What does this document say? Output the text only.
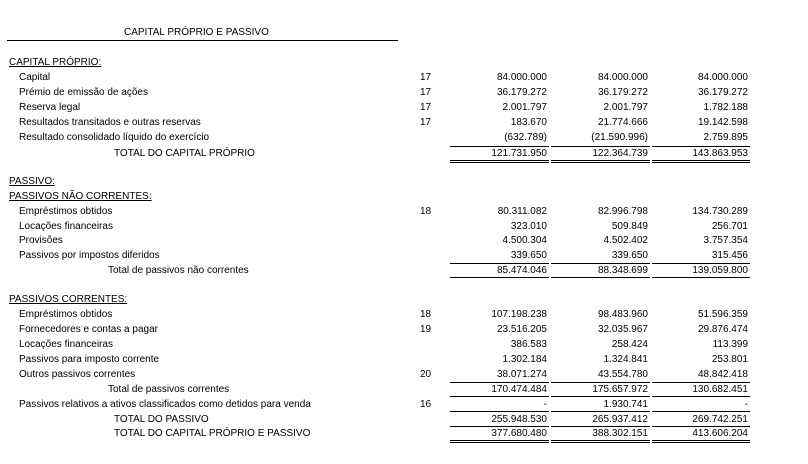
CAPITAL PRÓPRIO E PASSIVO
CAPITAL PRÓPRIO:
Capital	17	84.000.000	84.000.000	84.000.000
Prémio de emissão de ações	17	36.179.272	36.179.272	36.179.272
Reserva legal	17	2.001.797	2.001.797	1.782.188
Resultados transitados e outras reservas	17	183.670	21.774.666	19.142.598
Resultado consolidado líquido do exercício	(632.789)	(21.590.996)	2.759.895
TOTAL DO CAPITAL PRÓPRIO	121.731.950	122.364.739	143.863.953
PASSIVO:
PASSIVOS NÃO CORRENTES:
Empréstimos obtidos	18	80.311.082	82.996.798	134.730.289
Locações financeiras	323.010	509.849	256.701
Provisões	4.500.304	4.502.402	3.757.354
Passivos por impostos diferidos	339.650	339.650	315.456
Total de passivos não correntes	85.474.046	88.348.699	139.059.800
PASSIVOS CORRENTES:
Empréstimos obtidos	18	107.198.238	98.483.960	51.596.359
Fornecedores e contas a pagar	19	23.516.205	32.035.967	29.876.474
Locações financeiras	386.583	258.424	113.399
Passivos para imposto corrente	1.302.184	1.324.841	253.801
Outros passivos correntes	20	38.071.274	43.554.780	48.842.418
Total de passivos correntes	170.474.484	175.657.972	130.682.451
Passivos relativos a ativos classificados como detidos para venda	16	-	1.930.741	-
TOTAL DO PASSIVO	255.948.530	265.937.412	269.742.251
TOTAL DO CAPITAL PRÓPRIO E PASSIVO	377.680.480	388.302.151	413.606.204
